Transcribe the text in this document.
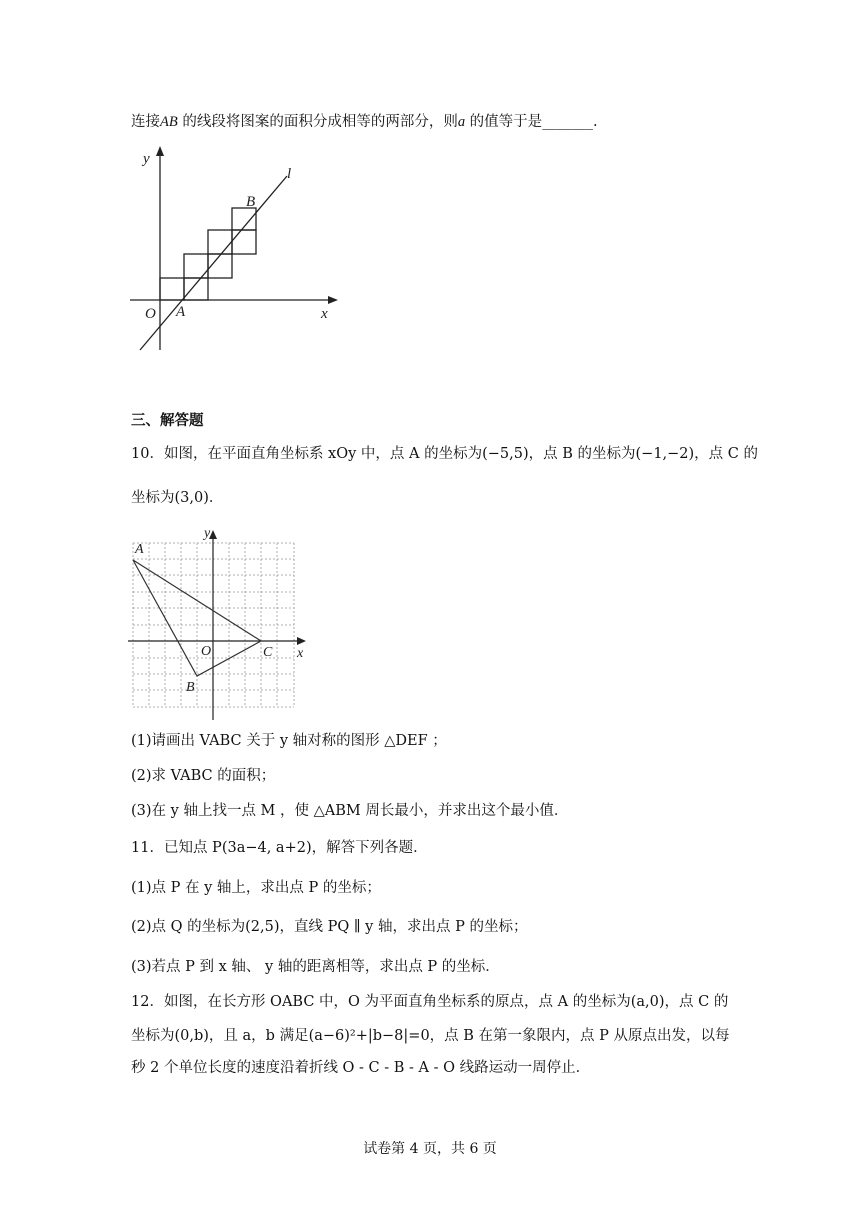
连接AB 的线段将图案的面积分成相等的两部分，则a 的值等于是_______.
y
x
O A
B
l
三、解答题
10．如图，在平面直角坐标系 xOy 中，点 A 的坐标为(−5,5)，点 B 的坐标为(−1,−2)，点 C 的
坐标为(3,0)．
y
x
O
A
B
C
(1)请画出 VABC 关于 y 轴对称的图形 △DEF ；
(2)求 VABC 的面积；
(3)在 y 轴上找一点 M ，使 △ABM 周长最小，并求出这个最小值．
11．已知点 P(3a−4, a+2)，解答下列各题．
(1)点 P 在 y 轴上，求出点 P 的坐标；
(2)点 Q 的坐标为(2,5)，直线 PQ ∥ y 轴，求出点 P 的坐标；
(3)若点 P 到 x 轴、 y 轴的距离相等，求出点 P 的坐标．
12．如图，在长方形 OABC 中，O 为平面直角坐标系的原点，点 A 的坐标为(a,0)，点 C 的
坐标为(0,b)，且 a，b 满足(a−6)²+|b−8|=0，点 B 在第一象限内，点 P 从原点出发，以每
秒 2 个单位长度的速度沿着折线 O - C - B - A - O 线路运动一周停止．
试卷第 4 页，共 6 页
